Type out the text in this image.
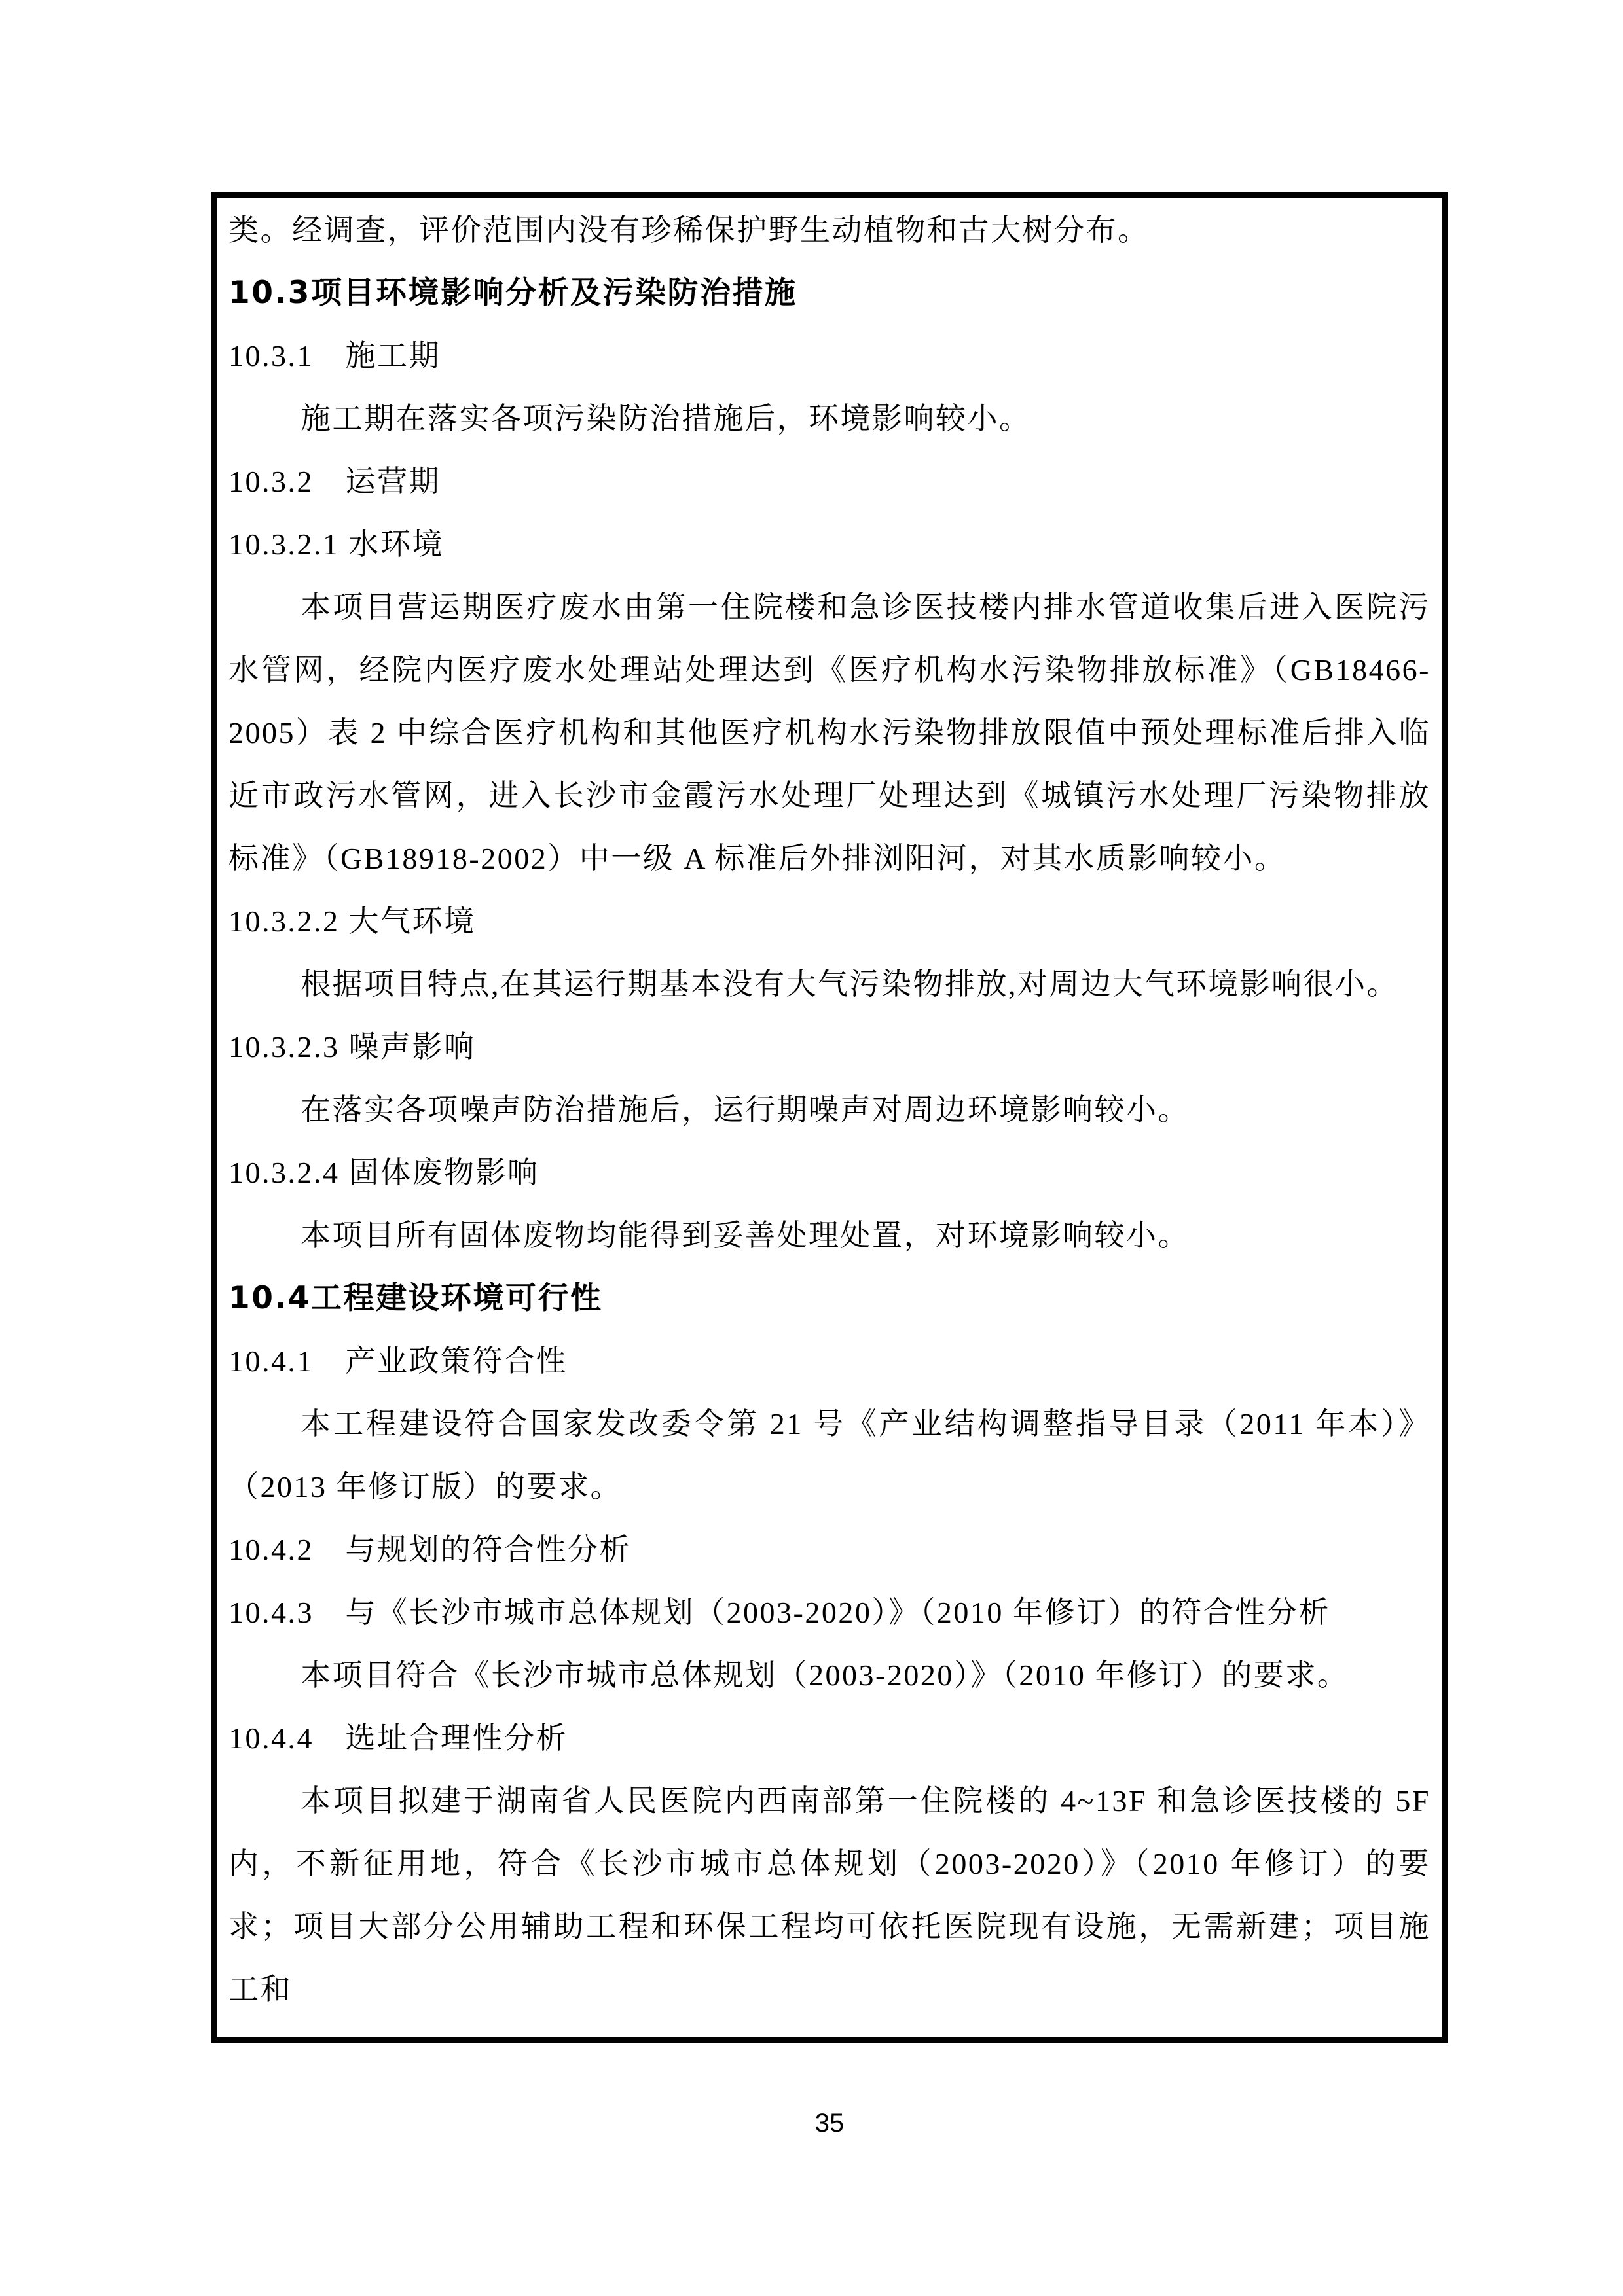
类。经调查，评价范围内没有珍稀保护野生动植物和古大树分布。

10.3项目环境影响分析及污染防治措施

10.3.1　施工期

施工期在落实各项污染防治措施后，环境影响较小。

10.3.2　运营期

10.3.2.1 水环境

本项目营运期医疗废水由第一住院楼和急诊医技楼内排水管道收集后进入医院污水管网，经院内医疗废水处理站处理达到《医疗机构水污染物排放标准》（GB18466-2005）表 2 中综合医疗机构和其他医疗机构水污染物排放限值中预处理标准后排入临近市政污水管网，进入长沙市金霞污水处理厂处理达到《城镇污水处理厂污染物排放标准》（GB18918-2002）中一级 A 标准后外排浏阳河，对其水质影响较小。

10.3.2.2 大气环境

根据项目特点,在其运行期基本没有大气污染物排放,对周边大气环境影响很小。

10.3.2.3 噪声影响

在落实各项噪声防治措施后，运行期噪声对周边环境影响较小。

10.3.2.4 固体废物影响

本项目所有固体废物均能得到妥善处理处置，对环境影响较小。

10.4工程建设环境可行性

10.4.1　产业政策符合性

本工程建设符合国家发改委令第 21 号《产业结构调整指导目录（2011 年本）》（2013 年修订版）的要求。

10.4.2　与规划的符合性分析

10.4.3　与《长沙市城市总体规划（2003-2020）》（2010 年修订）的符合性分析

本项目符合《长沙市城市总体规划（2003-2020）》（2010 年修订）的要求。

10.4.4　选址合理性分析

本项目拟建于湖南省人民医院内西南部第一住院楼的 4~13F 和急诊医技楼的 5F 内，不新征用地，符合《长沙市城市总体规划（2003-2020）》（2010 年修订）的要求；项目大部分公用辅助工程和环保工程均可依托医院现有设施，无需新建；项目施工和

35
